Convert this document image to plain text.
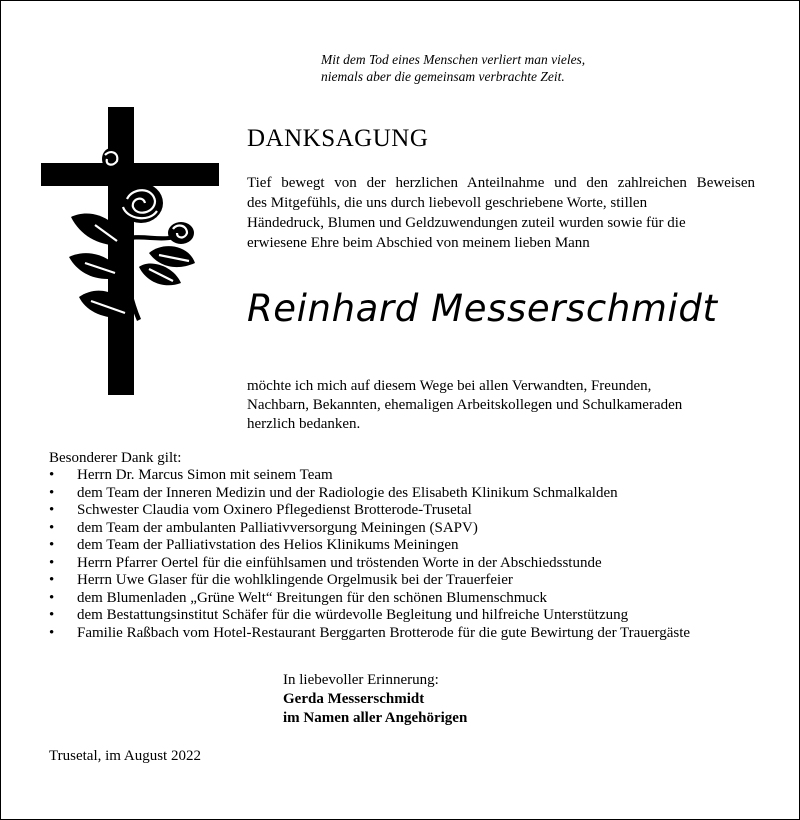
Mit dem Tod eines Menschen verliert man vieles,
niemals aber die gemeinsam verbrachte Zeit.
DANKSAGUNG
Tief bewegt von der herzlichen Anteilnahme und den zahlreichen Beweisen
des Mitgefühls, die uns durch liebevoll geschriebene Worte, stillen
Händedruck, Blumen und Geldzuwendungen zuteil wurden sowie für die
erwiesene Ehre beim Abschied von meinem lieben Mann
Reinhard Messerschmidt
möchte ich mich auf diesem Wege bei allen Verwandten, Freunden,
Nachbarn, Bekannten, ehemaligen Arbeitskollegen und Schulkameraden
herzlich bedanken.
Besonderer Dank gilt:
• Herrn Dr. Marcus Simon mit seinem Team
• dem Team der Inneren Medizin und der Radiologie des Elisabeth Klinikum Schmalkalden
• Schwester Claudia vom Oxinero Pflegedienst Brotterode-Trusetal
• dem Team der ambulanten Palliativversorgung Meiningen (SAPV)
• dem Team der Palliativstation des Helios Klinikums Meiningen
• Herrn Pfarrer Oertel für die einfühlsamen und tröstenden Worte in der Abschiedsstunde
• Herrn Uwe Glaser für die wohlklingende Orgelmusik bei der Trauerfeier
• dem Blumenladen „Grüne Welt“ Breitungen für den schönen Blumenschmuck
• dem Bestattungsinstitut Schäfer für die würdevolle Begleitung und hilfreiche Unterstützung
• Familie Raßbach vom Hotel-Restaurant Berggarten Brotterode für die gute Bewirtung der Trauergäste
In liebevoller Erinnerung:
Gerda Messerschmidt
im Namen aller Angehörigen
Trusetal, im August 2022
